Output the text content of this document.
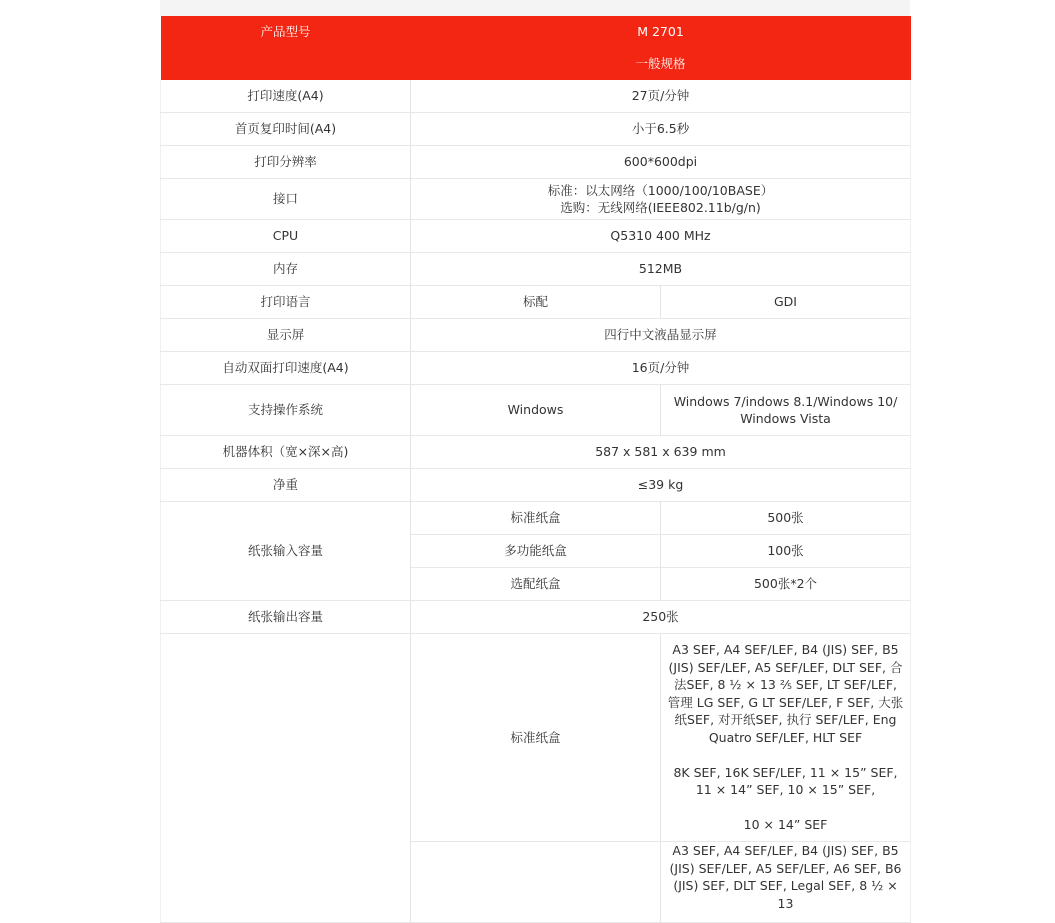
产品型号	M 2701	
	一般规格	
打印速度(A4)	27页/分钟	
首页复印时间(A4)	小于6.5秒	
打印分辨率	600*600dpi	
接口	标准：以太网络（1000/100/10BASE）
选购：无线网络(IEEE802.11b/g/n)	

CPU	Q5310 400 MHz	
内存	512MB	
打印语言	标配	GDI
显示屏	四行中文液晶显示屏	
自动双面打印速度(A4)	16页/分钟	
支持操作系统	Windows	Windows 7/indows 8.1/Windows 10/ Windows Vista
机器体积（宽×深×高)	587 x 581 x 639 mm	
净重	≤39 kg	
纸张输入容量	标准纸盒	500张
	多功能纸盒	100张
	选配纸盒	500张*2个
纸张输出容量	250张	
	标准纸盒	A3 SEF, A4 SEF/LEF, B4 (JIS) SEF, B5 (JIS) SEF/LEF, A5 SEF/LEF, DLT SEF, 合法SEF, 8 ½ × 13 ⅖ SEF, LT SEF/LEF, 管理 LG SEF, G LT SEF/LEF, F SEF, 大张纸SEF, 对开纸SEF, 执行 SEF/LEF, Eng Quatro SEF/LEF, HLT SEF

8K SEF, 16K SEF/LEF, 11 × 15” SEF, 11 × 14” SEF, 10 × 15” SEF,

10 × 14” SEF

		A3 SEF, A4 SEF/LEF, B4 (JIS) SEF, B5 (JIS) SEF/LEF, A5 SEF/LEF, A6 SEF, B6 (JIS) SEF, DLT SEF, Legal SEF, 8 ½ × 13
